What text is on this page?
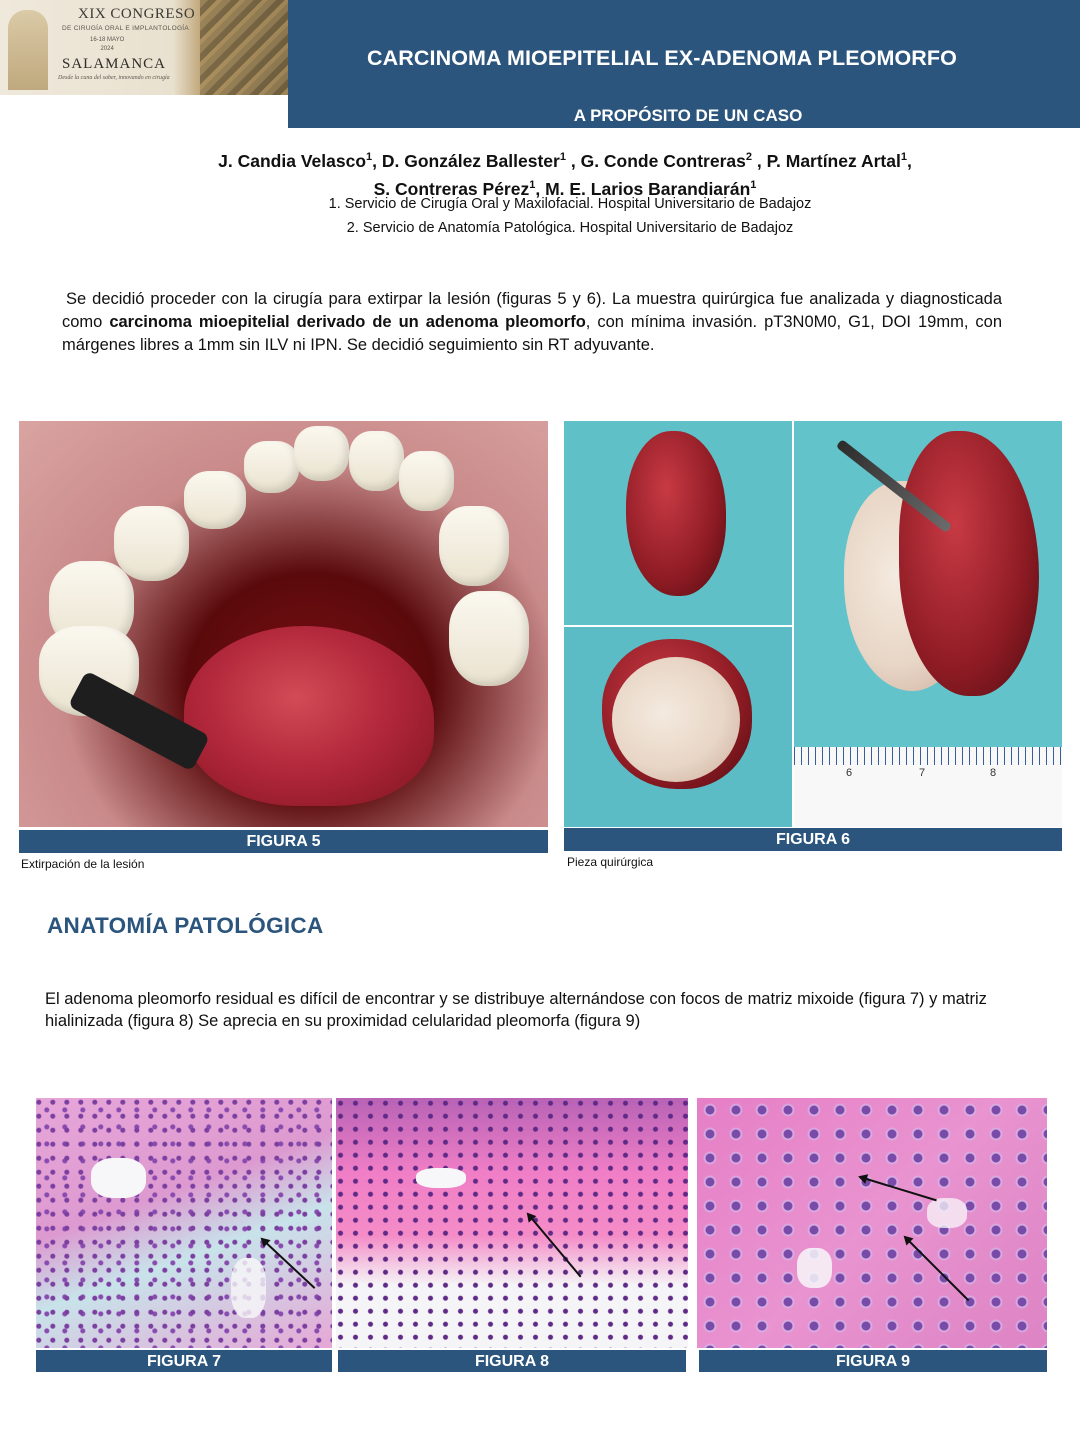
XIX CONGRESO
DE CIRUGÍA ORAL E IMPLANTOLOGÍA
16-18 MAYO
2024
SALAMANCA
Desde la cuna del saber, innovando en cirugía
CARCINOMA MIOEPITELIAL EX-ADENOMA PLEOMORFO
A PROPÓSITO DE UN CASO
J. Candia Velasco$^1$, D. González Ballester$^1$ , G. Conde Contreras$^2$ , P. Martínez Artal$^1$,
S. Contreras Pérez$^1$, M. E. Larios Barandiarán$^1$
1. Servicio de Cirugía Oral y Maxilofacial. Hospital Universitario de Badajoz
2. Servicio de Anatomía Patológica. Hospital Universitario de Badajoz
Se decidió proceder con la cirugía para extirpar la lesión (figuras 5 y 6). La muestra quirúrgica fue analizada y diagnosticada como carcinoma mioepitelial derivado de un adenoma pleomorfo, con mínima invasión. pT3N0M0, G1, DOI 19mm, con márgenes libres a 1mm sin ILV ni IPN. Se decidió seguimiento sin RT adyuvante.
FIGURA 5
Extirpación de la lesión
6	7	8
FIGURA 6
Pieza quirúrgica
ANATOMÍA PATOLÓGICA
El adenoma pleomorfo residual es difícil de encontrar y se distribuye alternándose con focos de matriz mixoide (figura 7) y matriz hialinizada (figura 8) Se aprecia en su proximidad celularidad pleomorfa (figura 9)
FIGURA 7	FIGURA 8	FIGURA 9
